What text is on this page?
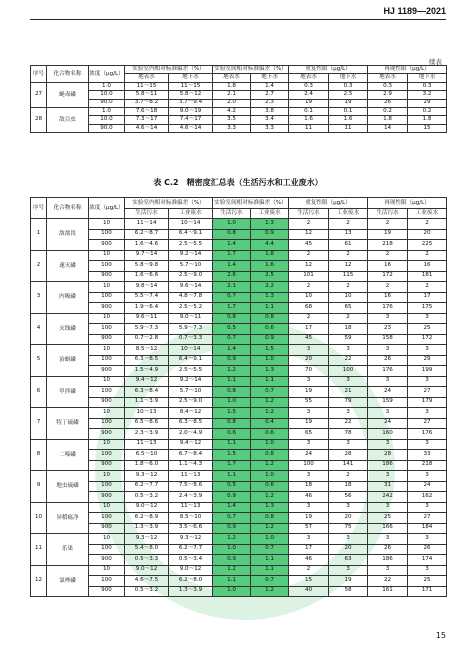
HJ 1189—2021
续表
序号	化合物名称	浓度（μg/L）	实验室内相对标准偏差（%）		实验室间相对标准偏差（%）		重复性限（μg/L）		再现性限（μg/L）	
			地表水	地下水	地表水	地下水	地表水	地下水	地表水	地下水
27	蝇毒磷	1.0	11～15	11～15	1.8	1.4	0.3	0.3	0.3	0.3
		10.0	5.8～11	5.8～12	2.1	2.7	2.4	2.5	2.9	3.2
		90.0	3.7～8.2	3.7～9.4	2.0	2.3	19	19	26	29
28	敌百虫	1.0	7.6～18	9.0～19	4.2	3.8	0.1	0.1	0.2	0.2
		10.0	7.3～17	7.4～17	3.5	3.4	1.6	1.6	1.8	1.8
		90.0	4.6～14	4.6～14	3.3	3.3	11	11	14	15
表 C.2　精密度汇总表（生活污水和工业废水）
序号	化合物名称	浓度（μg/L）	实验室内相对标准偏差（%）		实验室间相对标准偏差（%）		重复性限（μg/L）		再现性限（μg/L）	
			生活污水	工业废水	生活污水	工业废水	生活污水	工业废水	生活污水	工业废水
1	敌敌畏	10	11～14	10～14	1.0	1.3	2	2	2	2
		100	6.2～8.7	6.4～9.1	0.8	0.9	12	13	19	20
		900	1.6～4.6	2.5～5.5	1.4	4.4	45	61	218	225
2	速灭磷	10	9.7～14	9.2～14	1.7	1.8	2	2	2	2
		100	5.8～9.8	5.7～10	1.4	1.6	12	12	16	16
		900	1.6～6.6	2.5～9.0	2.6	2.5	101	115	172	181
3	内吸磷	10	9.8～14	9.6～14	2.1	2.2	2	2	2	2
		100	5.5～7.4	4.8～7.8	0.7	1.3	10	10	16	17
		900	1.9～6.4	2.5～5.2	1.7	1.1	68	65	176	175
4	灭线磷	10	9.6～11	9.0～11	0.8	0.8	2	2	3	3
		100	5.9～7.3	5.9～7.3	0.5	0.6	17	18	23	25
		900	0.7～2.8	0.7～3.3	0.7	0.9	45	59	158	172
5	治螟磷	10	8.5～12	10～14	1.4	1.5	3	3	3	3
		100	6.3～8.5	6.4～9.1	0.9	1.0	20	22	26	29
		900	1.5～4.9	2.5～5.5	1.2	1.3	70	100	176	199
6	甲拌磷	10	9.4～12	9.2～14	1.1	1.1	3	3	3	3
		100	6.3～8.4	5.7～10	0.8	0.7	19	21	24	27
		900	1.1～3.9	2.5～9.0	1.0	1.2	55	79	159	179
7	特丁硫磷	10	10～13	8.4～12	1.5	1.2	3	3	3	3
		100	6.5～8.6	6.3～8.5	0.8	0.4	19	22	24	27
		900	2.3～3.9	2.0～4.9	0.6	0.6	65	78	160	176
8	二嗪磷	10	11～13	9.4～12	1.1	1.0	3	3	3	3
		100	6.5～10	6.7～8.4	1.5	0.8	24	28	28	33
		900	1.8～6.0	1.1～4.3	1.7	1.2	100	141	186	218
9	地虫硫磷	10	9.3～12	11～13	1.1	1.0	3	2	3	3
		100	6.2～7.7	7.5～8.6	0.5	0.6	18	18	31	24
		900	0.5～3.2	2.4～3.9	0.9	1.2	46	56	242	162
10	异稻瘟净	10	9.0～12	11～13	1.4	1.3	3	3	3	3
		100	6.2～8.9	8.5～10	0.7	0.8	19	20	25	27
		900	1.3～3.9	3.5～6.6	0.9	1.2	57	75	166	184
11	乐果	10	9.3～12	9.3～12	1.2	1.0	3	3	3	3
		100	5.4～8.0	6.2～7.7	1.0	0.7	17	20	26	26
		900	0.5～3.3	0.5～3.4	0.9	1.1	46	63	186	174
12	氯唑磷	10	9.0～12	9.0～12	1.2	1.1	2	3	3	3
		100	4.6～7.5	6.2～8.0	1.1	0.7	15	19	22	25
		900	0.5～3.2	1.3～3.9	1.0	1.2	40	58	161	171
15
